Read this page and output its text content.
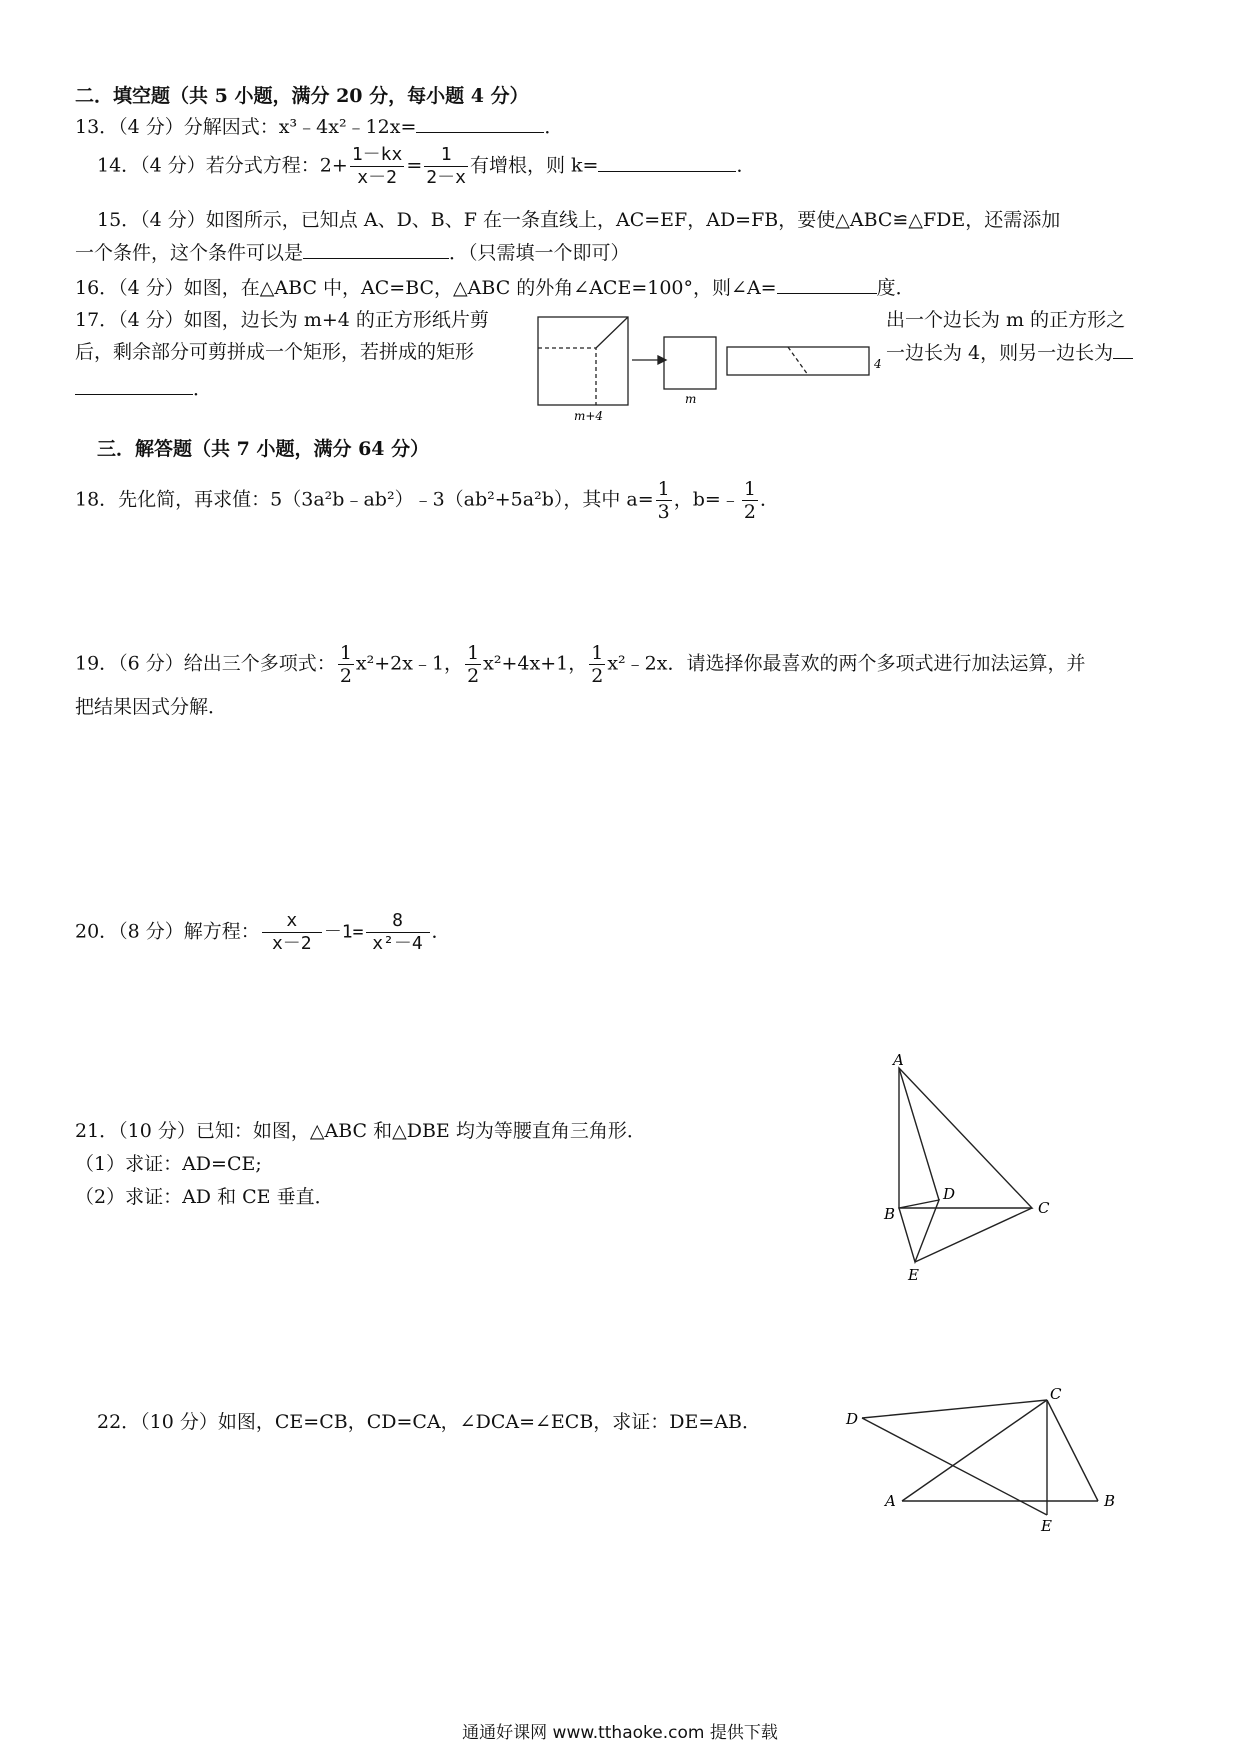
二．填空题（共 5 小题，满分 20 分，每小题 4 分）
13．（4 分）分解因式：x³﹣4x²﹣12x=	．
14．（4 分）若分式方程：$2+ \frac{1-kx}{x-2} = \frac{1}{2-x}$ 有增根，则 k=	．
15．（4 分）如图所示，已知点 A、D、B、F 在一条直线上，AC=EF，AD=FB，要使△ABC≌△FDE，还需添加
一个条件，这个条件可以是	．（只需填一个即可）
16．（4 分）如图，在△ABC 中，AC=BC，△ABC 的外角∠ACE=100°，则∠A=	度．
17．（4 分）如图，边长为 m+4 的正方形纸片剪	出一个边长为 m 的正方形之
后，剩余部分可剪拼成一个矩形，若拼成的矩形	一边长为 4，则另一边长为
．
m+4
m
4
三．解答题（共 7 小题，满分 64 分）
18．先化简，再求值：5（3a²b﹣ab²）﹣3（ab²+5a²b），其中 $a= \frac{1}{3}$ ，b=﹣ $\frac{1}{2}$ ．
19．（6 分）给出三个多项式： $\frac{1}{2}$ x²+2x﹣1， $\frac{1}{2} x^2+4x+1$， $\frac{1}{2}$ x²﹣2x．请选择你最喜欢的两个多项式进行加法运算，并
把结果因式分解．
20．（8 分）解方程： $\frac{x}{x-2} -1= \frac{8}{\text{x²－4}}$ ．
21．（10 分）已知：如图，△ABC 和△DBE 均为等腰直角三角形．
（1）求证：AD=CE;
（2）求证：AD 和 CE 垂直．
A
B	C
D
E
22．（10 分）如图，CE=CB，CD=CA，∠DCA=∠ECB，求证：DE=AB．
C
D
A	B
E
通通好课网 www.tthaoke.com 提供下载
